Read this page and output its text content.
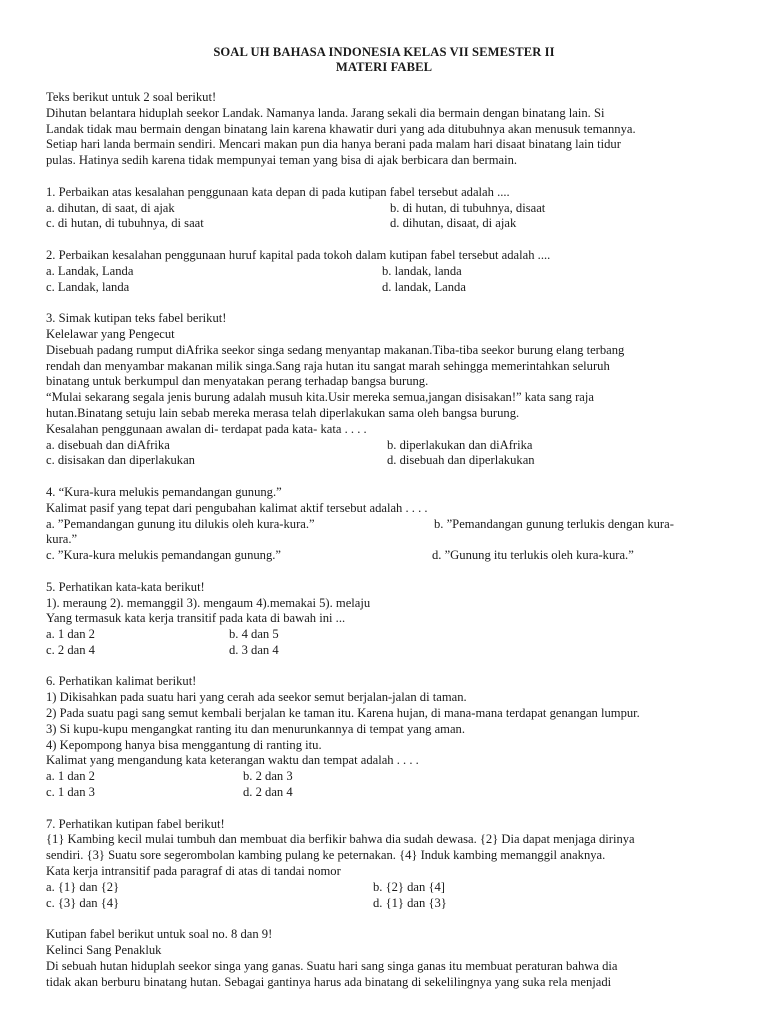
SOAL UH BAHASA INDONESIA KELAS VII SEMESTER II
MATERI FABEL
Teks berikut untuk 2 soal berikut!
Dihutan belantara hiduplah seekor Landak. Namanya landa. Jarang sekali dia bermain dengan binatang lain. Si
Landak tidak mau bermain dengan binatang lain karena khawatir duri yang ada ditubuhnya akan menusuk temannya.
Setiap hari landa bermain sendiri. Mencari makan pun dia hanya berani pada malam hari disaat binatang lain tidur
pulas. Hatinya sedih karena tidak mempunyai teman yang bisa di ajak berbicara dan bermain.
1. Perbaikan atas kesalahan penggunaan kata depan di pada kutipan fabel tersebut adalah ....
a. dihutan, di saat, di ajak	b. di hutan, di tubuhnya, disaat
c. di hutan, di tubuhnya, di saat	d. dihutan, disaat, di ajak
2. Perbaikan kesalahan penggunaan huruf kapital pada tokoh dalam kutipan fabel tersebut adalah ....
a. Landak, Landa	b. landak, landa
c. Landak, landa	d. landak, Landa
3. Simak kutipan teks fabel berikut!
Kelelawar yang Pengecut
Disebuah padang rumput diAfrika seekor singa sedang menyantap makanan.Tiba-tiba seekor burung elang terbang
rendah dan menyambar makanan milik singa.Sang raja hutan itu sangat marah sehingga memerintahkan seluruh
binatang untuk berkumpul dan menyatakan perang terhadap bangsa burung.
“Mulai sekarang segala jenis burung adalah musuh kita.Usir mereka semua,jangan disisakan!” kata sang raja
hutan.Binatang setuju lain sebab mereka merasa telah diperlakukan sama oleh bangsa burung.
Kesalahan penggunaan awalan di- terdapat pada kata- kata . . . .
a. disebuah dan diAfrika	b. diperlakukan dan diAfrika
c. disisakan dan diperlakukan	d. disebuah dan diperlakukan
4. “Kura-kura melukis pemandangan gunung.”
Kalimat pasif yang tepat dari pengubahan kalimat aktif tersebut adalah . . . .
a. ”Pemandangan gunung itu dilukis oleh kura-kura.”	b. ”Pemandangan gunung terlukis dengan kura-
kura.”
c. ”Kura-kura melukis pemandangan gunung.”	d. ”Gunung itu terlukis oleh kura-kura.”
5. Perhatikan kata-kata berikut!
1). meraung 2). memanggil 3). mengaum 4).memakai 5). melaju
Yang termasuk kata kerja transitif pada kata di bawah ini ...
a. 1 dan 2	b. 4 dan 5
c. 2 dan 4	d. 3 dan 4
6. Perhatikan kalimat berikut!
1) Dikisahkan pada suatu hari yang cerah ada seekor semut berjalan-jalan di taman.
2) Pada suatu pagi sang semut kembali berjalan ke taman itu. Karena hujan, di mana-mana terdapat genangan lumpur.
3) Si kupu-kupu mengangkat ranting itu dan menurunkannya di tempat yang aman.
4) Kepompong hanya bisa menggantung di ranting itu.
Kalimat yang mengandung kata keterangan waktu dan tempat adalah . . . .
a. 1 dan 2	b. 2 dan 3
c. 1 dan 3	d. 2 dan 4
7. Perhatikan kutipan fabel berikut!
{1} Kambing kecil mulai tumbuh dan membuat dia berfikir bahwa dia sudah dewasa. {2} Dia dapat menjaga dirinya
sendiri. {3} Suatu sore segerombolan kambing pulang ke peternakan. {4} Induk kambing memanggil anaknya.
Kata kerja intransitif pada paragraf di atas di tandai nomor
a. {1} dan {2}	b. {2} dan {4]
c. {3} dan {4}	d. {1} dan {3}
Kutipan fabel berikut untuk soal no. 8 dan 9!
Kelinci Sang Penakluk
Di sebuah hutan hiduplah seekor singa yang ganas. Suatu hari sang singa ganas itu membuat peraturan bahwa dia
tidak akan berburu binatang hutan. Sebagai gantinya harus ada binatang di sekelilingnya yang suka rela menjadi
